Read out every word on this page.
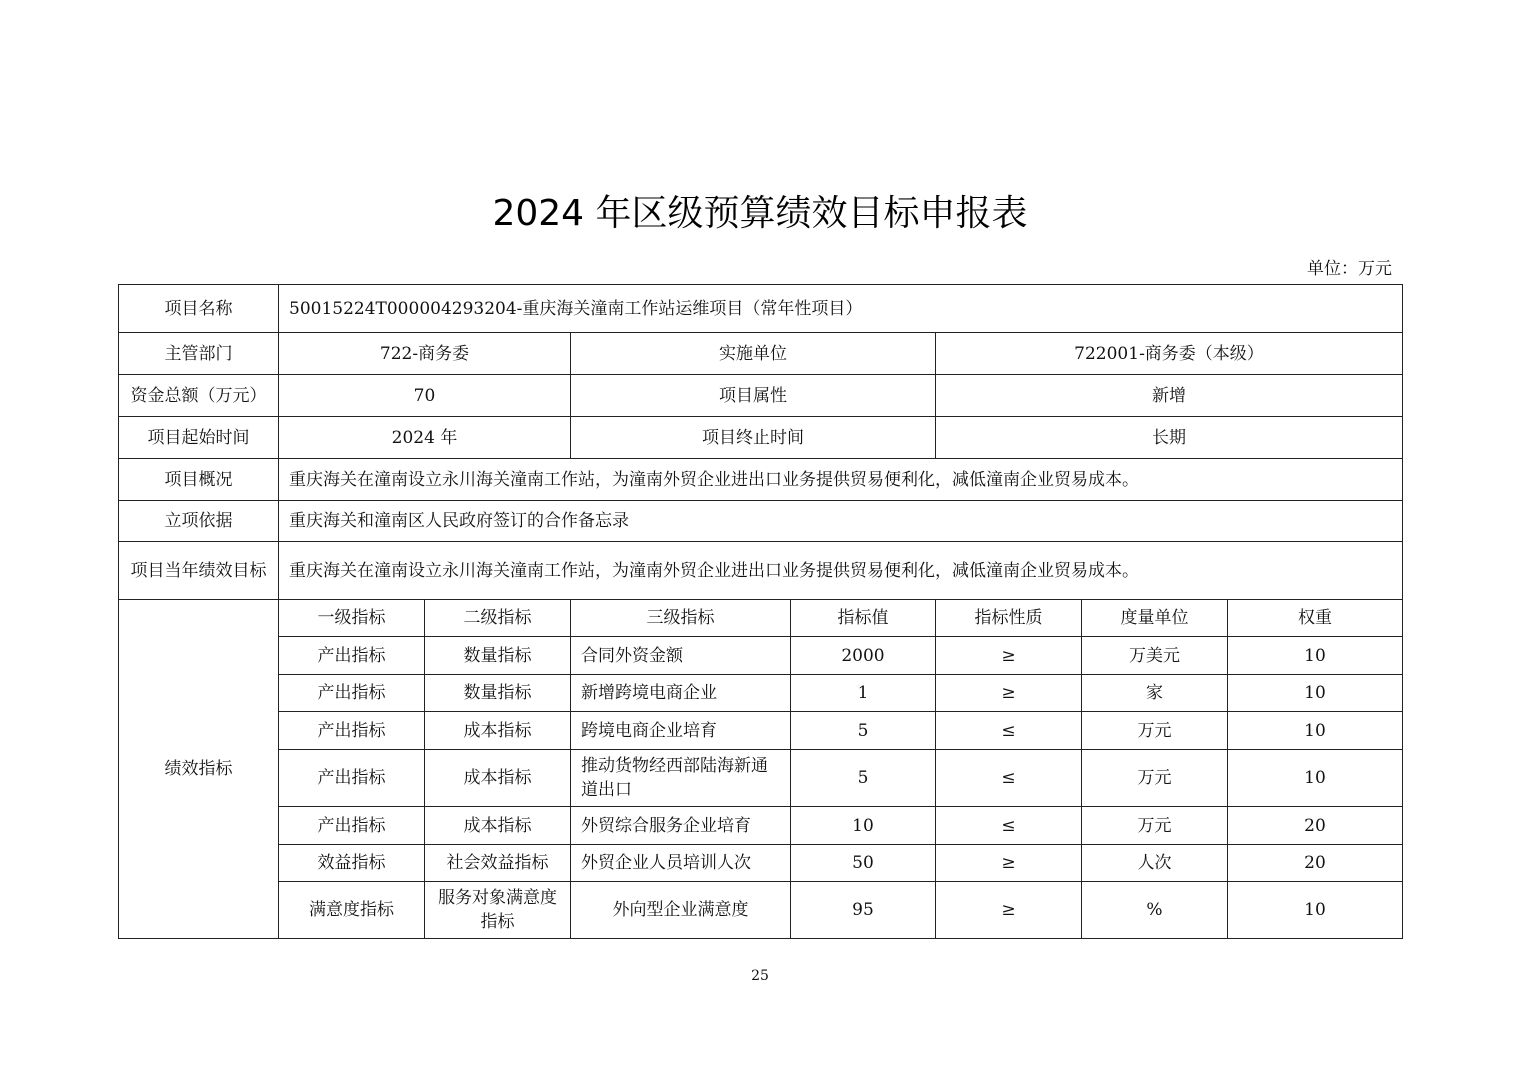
2024 年区级预算绩效目标申报表
单位：万元
项目名称	50015224T000004293204-重庆海关潼南工作站运维项目（常年性项目）						
主管部门	722-商务委		实施单位		722001-商务委（本级）		
资金总额（万元）	70		项目属性		新增		
项目起始时间	2024 年		项目终止时间		长期		
项目概况	重庆海关在潼南设立永川海关潼南工作站，为潼南外贸企业进出口业务提供贸易便利化，减低潼南企业贸易成本。						
立项依据	重庆海关和潼南区人民政府签订的合作备忘录						
项目当年绩效目标	重庆海关在潼南设立永川海关潼南工作站，为潼南外贸企业进出口业务提供贸易便利化，减低潼南企业贸易成本。						
绩效指标	一级指标	二级指标	三级指标	指标值	指标性质	度量单位	权重
	产出指标	数量指标	合同外资金额	2000	≥	万美元	10
	产出指标	数量指标	新增跨境电商企业	1	≥	家	10
	产出指标	成本指标	跨境电商企业培育	5	≤	万元	10
	产出指标	成本指标	推动货物经西部陆海新通道出口	5	≤	万元	10
	产出指标	成本指标	外贸综合服务企业培育	10	≤	万元	20
	效益指标	社会效益指标	外贸企业人员培训人次	50	≥	人次	20
	满意度指标	服务对象满意度指标	外向型企业满意度	95	≥	%	10
25
